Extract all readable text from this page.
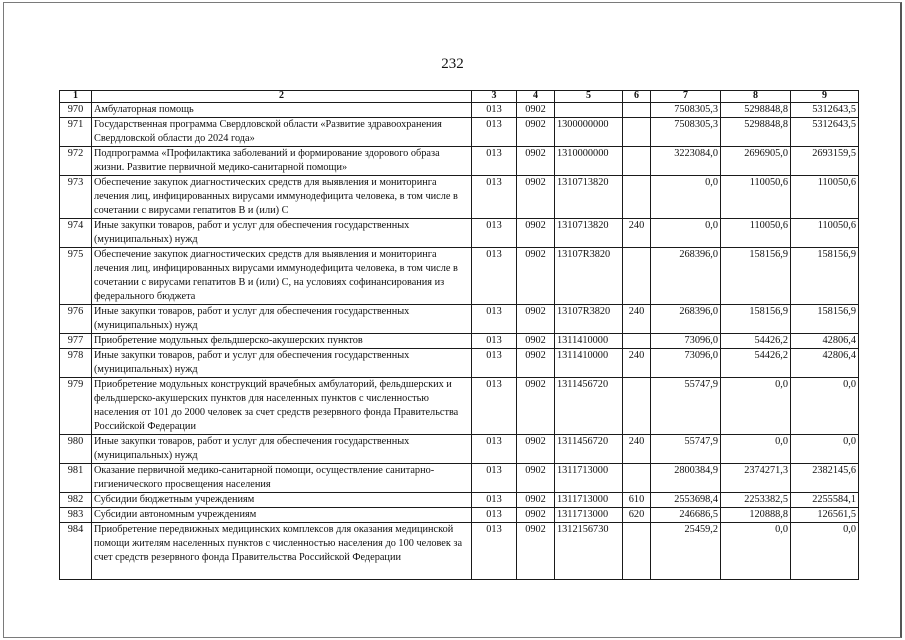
232
1	2	3	4	5	6	7	8	9
970	Амбулаторная помощь	013	0902			7508305,3	5298848,8	5312643,5
971	Государственная программа Свердловской области «Развитие здравоохранения Свердловской области до 2024 года»	013	0902	1300000000		7508305,3	5298848,8	5312643,5
972	Подпрограмма «Профилактика заболеваний и формирование здорового образа жизни. Развитие первичной медико-санитарной помощи»	013	0902	1310000000		3223084,0	2696905,0	2693159,5
973	Обеспечение закупок диагностических средств для выявления и мониторинга лечения лиц, инфицированных вирусами иммунодефицита человека, в том числе в сочетании с вирусами гепатитов В и (или) С	013	0902	1310713820		0,0	110050,6	110050,6
974	Иные закупки товаров, работ и услуг для обеспечения государственных (муниципальных) нужд	013	0902	1310713820	240	0,0	110050,6	110050,6
975	Обеспечение закупок диагностических средств для выявления и мониторинга лечения лиц, инфицированных вирусами иммунодефицита человека, в том числе в сочетании с вирусами гепатитов В и (или) С, на условиях софинансирования из федерального бюджета	013	0902	13107R3820		268396,0	158156,9	158156,9
976	Иные закупки товаров, работ и услуг для обеспечения государственных (муниципальных) нужд	013	0902	13107R3820	240	268396,0	158156,9	158156,9
977	Приобретение модульных фельдшерско-акушерских пунктов	013	0902	1311410000		73096,0	54426,2	42806,4
978	Иные закупки товаров, работ и услуг для обеспечения государственных (муниципальных) нужд	013	0902	1311410000	240	73096,0	54426,2	42806,4
979	Приобретение модульных конструкций врачебных амбулаторий, фельдшерских и фельдшерско-акушерских пунктов для населенных пунктов с численностью населения от 101 до 2000 человек за счет средств резервного фонда Правительства Российской Федерации	013	0902	1311456720		55747,9	0,0	0,0
980	Иные закупки товаров, работ и услуг для обеспечения государственных (муниципальных) нужд	013	0902	1311456720	240	55747,9	0,0	0,0
981	Оказание первичной медико-санитарной помощи, осуществление санитарно-гигиенического просвещения населения	013	0902	1311713000		2800384,9	2374271,3	2382145,6
982	Субсидии бюджетным учреждениям	013	0902	1311713000	610	2553698,4	2253382,5	2255584,1
983	Субсидии автономным учреждениям	013	0902	1311713000	620	246686,5	120888,8	126561,5
984	Приобретение передвижных медицинских комплексов для оказания медицинской помощи жителям населенных пунктов с численностью населения до 100 человек за счет средств резервного фонда Правительства Российской Федерации	013	0902	1312156730		25459,2	0,0	0,0
